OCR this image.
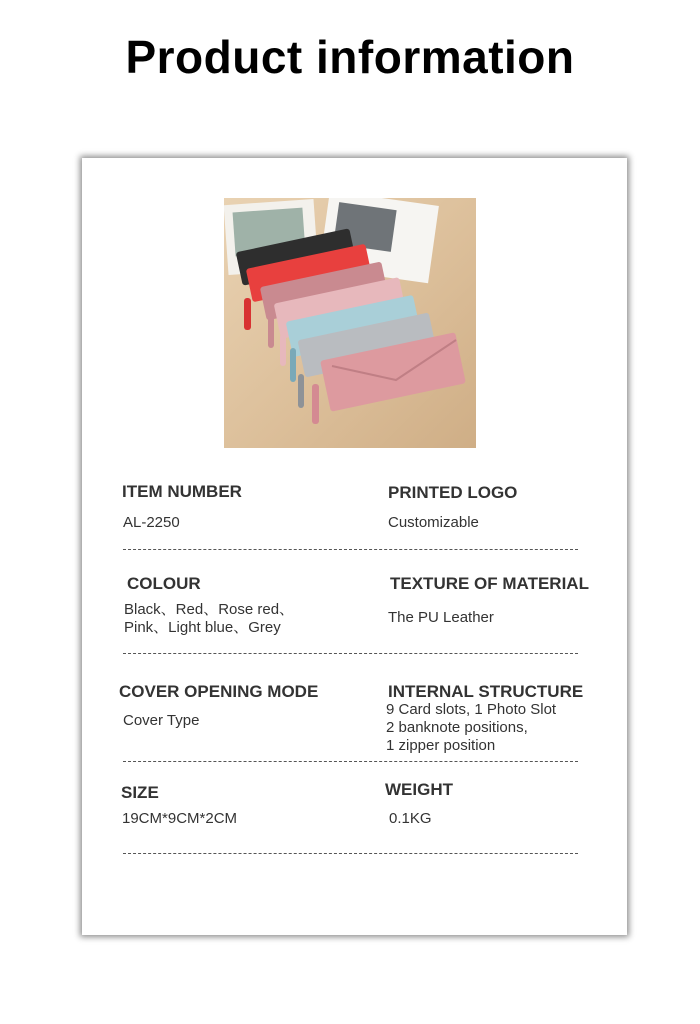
Product information
ITEM NUMBER
AL-2250
PRINTED LOGO
Customizable
COLOUR
Black、Red、Rose red、
Pink、Light blue、Grey
TEXTURE OF MATERIAL
The PU Leather
COVER OPENING MODE
Cover Type
INTERNAL STRUCTURE
9 Card slots, 1 Photo Slot
2 banknote positions,
1 zipper position
SIZE
19CM*9CM*2CM
WEIGHT
0.1KG
